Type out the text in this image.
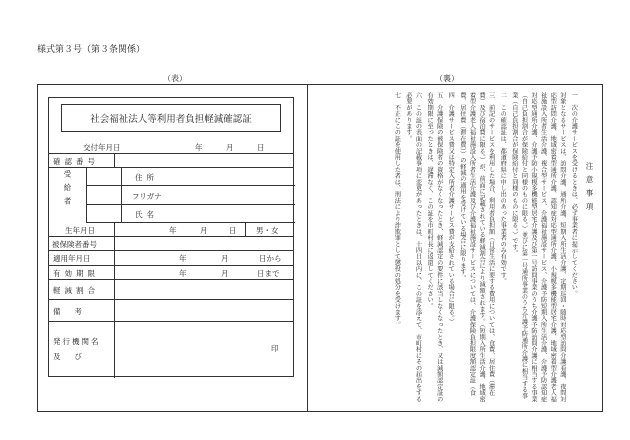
様式第３号（第３条関係）
（表）	（裏）
社会福祉法人等利用者負担軽減確認証
交付年月日	年	月	日
確認番号
受給者	住所
フリガナ
氏名
生年月日	年	月	日	男・女
被保険者番号
適用年月日	年	月	日から
有効期限	年	月	日まで
軽減割合
備考
発行機関名
及び
印
注意事項

一　次の介護サービスを受けるときは、必ず事業者に提示してください。

対象となるサービスは、訪問介護、通所介護、短期入所生活介護、定期巡回・随時対応型訪問介護看護、夜間対応型訪問介護、地域密着型通所介護、認知症対応型通所介護、小規模多機能型居宅介護、地域密着型介護老人福祉施設入所者生活介護、複合型サービス、介護福祉施設サービス、介護予防短期入所生活介護、介護予防認知症対応型通所介護、介護予防小規模多機能型居宅介護及び第一号訪問事業のうち介護予防訪問介護に相当する事業（自己負担割合が保険給付と同様のものに限る。）並びに第一号通所事業のうち介護予防通所介護に相当する事業（自己負担割合が保険給付と同様のものに限る。）です。

二　この確認証は、都道府県に申し出のあった事業者のみ有効です。

三　前記のサービスを利用した場合、利用者負担額（日常生活に要する費用については、食費、居住費（滞在費）及び宿泊費に限る。）が、前面に記載されている軽減割合により減額されます。（短期入所生活介護、地域密着型介護老人福祉施設入所者生活介護及び介護福祉施設サービスについては、介護保険負担限度額認定証（食費、居住費（滞在費））の軽減の適用を受けている場合に限ります。

四　介護サービス費又は特定入所者介護サービス費が支給されている場合に限る。）

五　介護保険の被保険者の資格がなくなったとき、軽減認定の要件に該当しなくなったとき、又は減額認定証の有効期限に至ったときは、遅滞なく、この証を市町村長に返還してください。

六　この証の表面の記載事項に変更があったときは、十四日以内に、この証を添えて、市町村にその届出をする必要があります。

七　不正にこの証を使用した者は、刑法により詐欺罪として懲役の処分を受けます。
